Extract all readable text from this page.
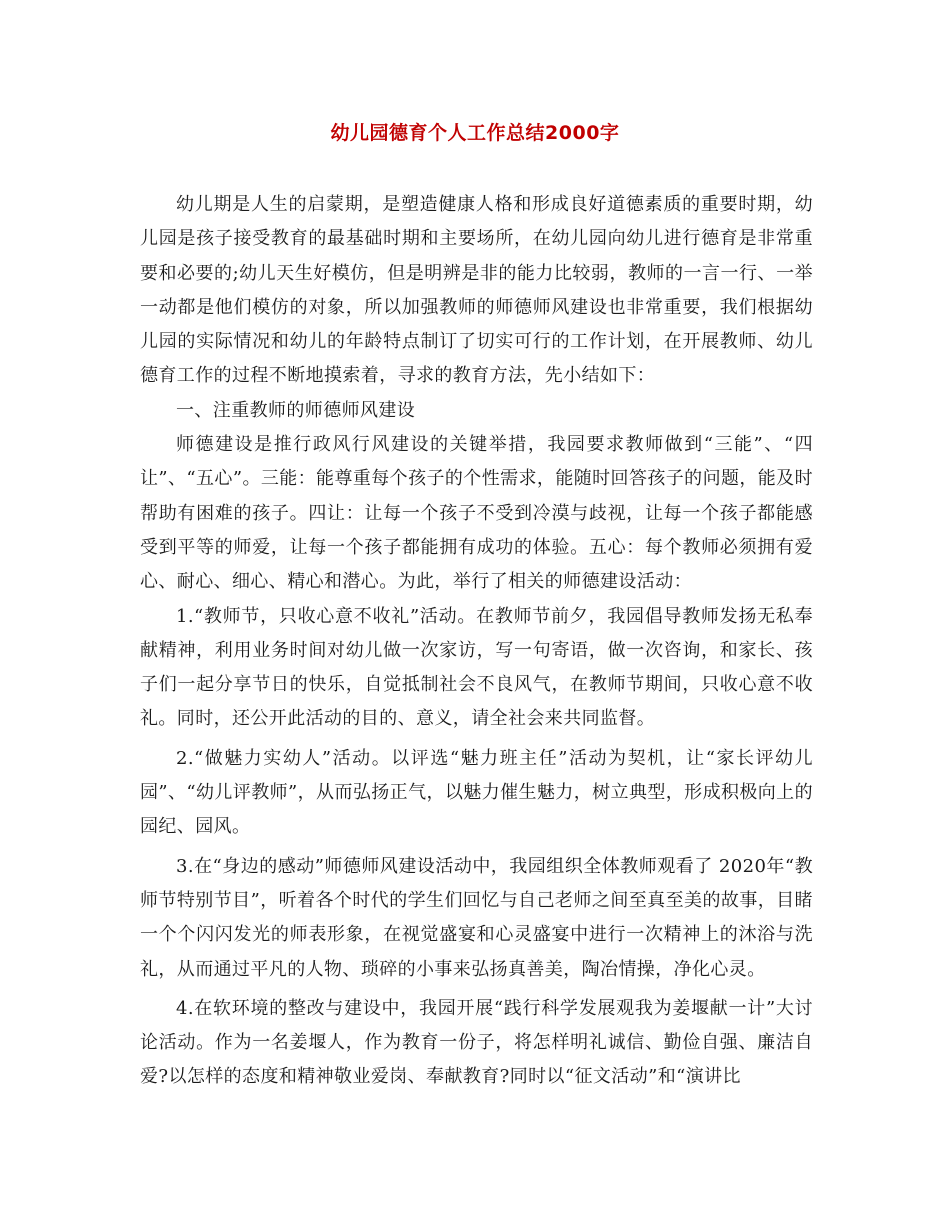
幼儿园德育个人工作总结2000字

幼儿期是人生的启蒙期，是塑造健康人格和形成良好道德素质的重要时期，幼儿园是孩子接受教育的最基础时期和主要场所，在幼儿园向幼儿进行德育是非常重要和必要的;幼儿天生好模仿，但是明辨是非的能力比较弱，教师的一言一行、一举一动都是他们模仿的对象，所以加强教师的师德师风建设也非常重要，我们根据幼儿园的实际情况和幼儿的年龄特点制订了切实可行的工作计划，在开展教师、幼儿德育工作的过程不断地摸索着，寻求的教育方法，先小结如下：

一、注重教师的师德师风建设

师德建设是推行政风行风建设的关键举措，我园要求教师做到“三能”、“四让”、“五心”。三能：能尊重每个孩子的个性需求，能随时回答孩子的问题，能及时帮助有困难的孩子。四让：让每一个孩子不受到冷漠与歧视，让每一个孩子都能感受到平等的师爱，让每一个孩子都能拥有成功的体验。五心：每个教师必须拥有爱心、耐心、细心、精心和潜心。为此，举行了相关的师德建设活动：

1.“教师节，只收心意不收礼”活动。在教师节前夕，我园倡导教师发扬无私奉献精神，利用业务时间对幼儿做一次家访，写一句寄语，做一次咨询，和家长、孩子们一起分享节日的快乐，自觉抵制社会不良风气，在教师节期间，只收心意不收礼。同时，还公开此活动的目的、意义，请全社会来共同监督。

2.“做魅力实幼人”活动。以评选“魅力班主任”活动为契机，让“家长评幼儿园”、“幼儿评教师”，从而弘扬正气，以魅力催生魅力，树立典型，形成积极向上的园纪、园风。

3.在“身边的感动”师德师风建设活动中，我园组织全体教师观看了 2020年“教师节特别节目”，听着各个时代的学生们回忆与自己老师之间至真至美的故事，目睹一个个闪闪发光的师表形象，在视觉盛宴和心灵盛宴中进行一次精神上的沐浴与洗礼，从而通过平凡的人物、琐碎的小事来弘扬真善美，陶冶情操，净化心灵。

4.在软环境的整改与建设中，我园开展“践行科学发展观我为姜堰献一计”大讨论活动。作为一名姜堰人，作为教育一份子，将怎样明礼诚信、勤俭自强、廉洁自爱?以怎样的态度和精神敬业爱岗、奉献教育?同时以“征文活动”和“演讲比
